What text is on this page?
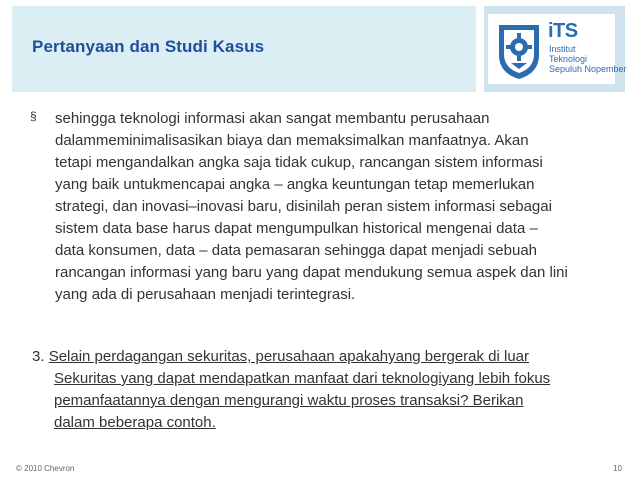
Pertanyaan dan Studi Kasus
iTS
Institut
Teknologi
Sepuluh Nopember
§ sehingga teknologi informasi akan sangat membantu perusahaan
dalammeminimalisasikan biaya dan memaksimalkan manfaatnya. Akan
tetapi mengandalkan angka saja tidak cukup, rancangan sistem informasi
yang baik untukmencapai angka – angka keuntungan tetap memerlukan
strategi, dan inovasi–inovasi baru, disinilah peran sistem informasi sebagai
sistem data base harus dapat mengumpulkan historical mengenai data –
data konsumen, data – data pemasaran sehingga dapat menjadi sebuah
rancangan informasi yang baru yang dapat mendukung semua aspek dan lini
yang ada di perusahaan menjadi terintegrasi.
3. Selain perdagangan sekuritas, perusahaan apakahyang bergerak di luar
Sekuritas yang dapat mendapatkan manfaat dari teknologiyang lebih fokus
pemanfaatannya dengan mengurangi waktu proses transaksi? Berikan
dalam beberapa contoh.
© 2010 Chevron	10
